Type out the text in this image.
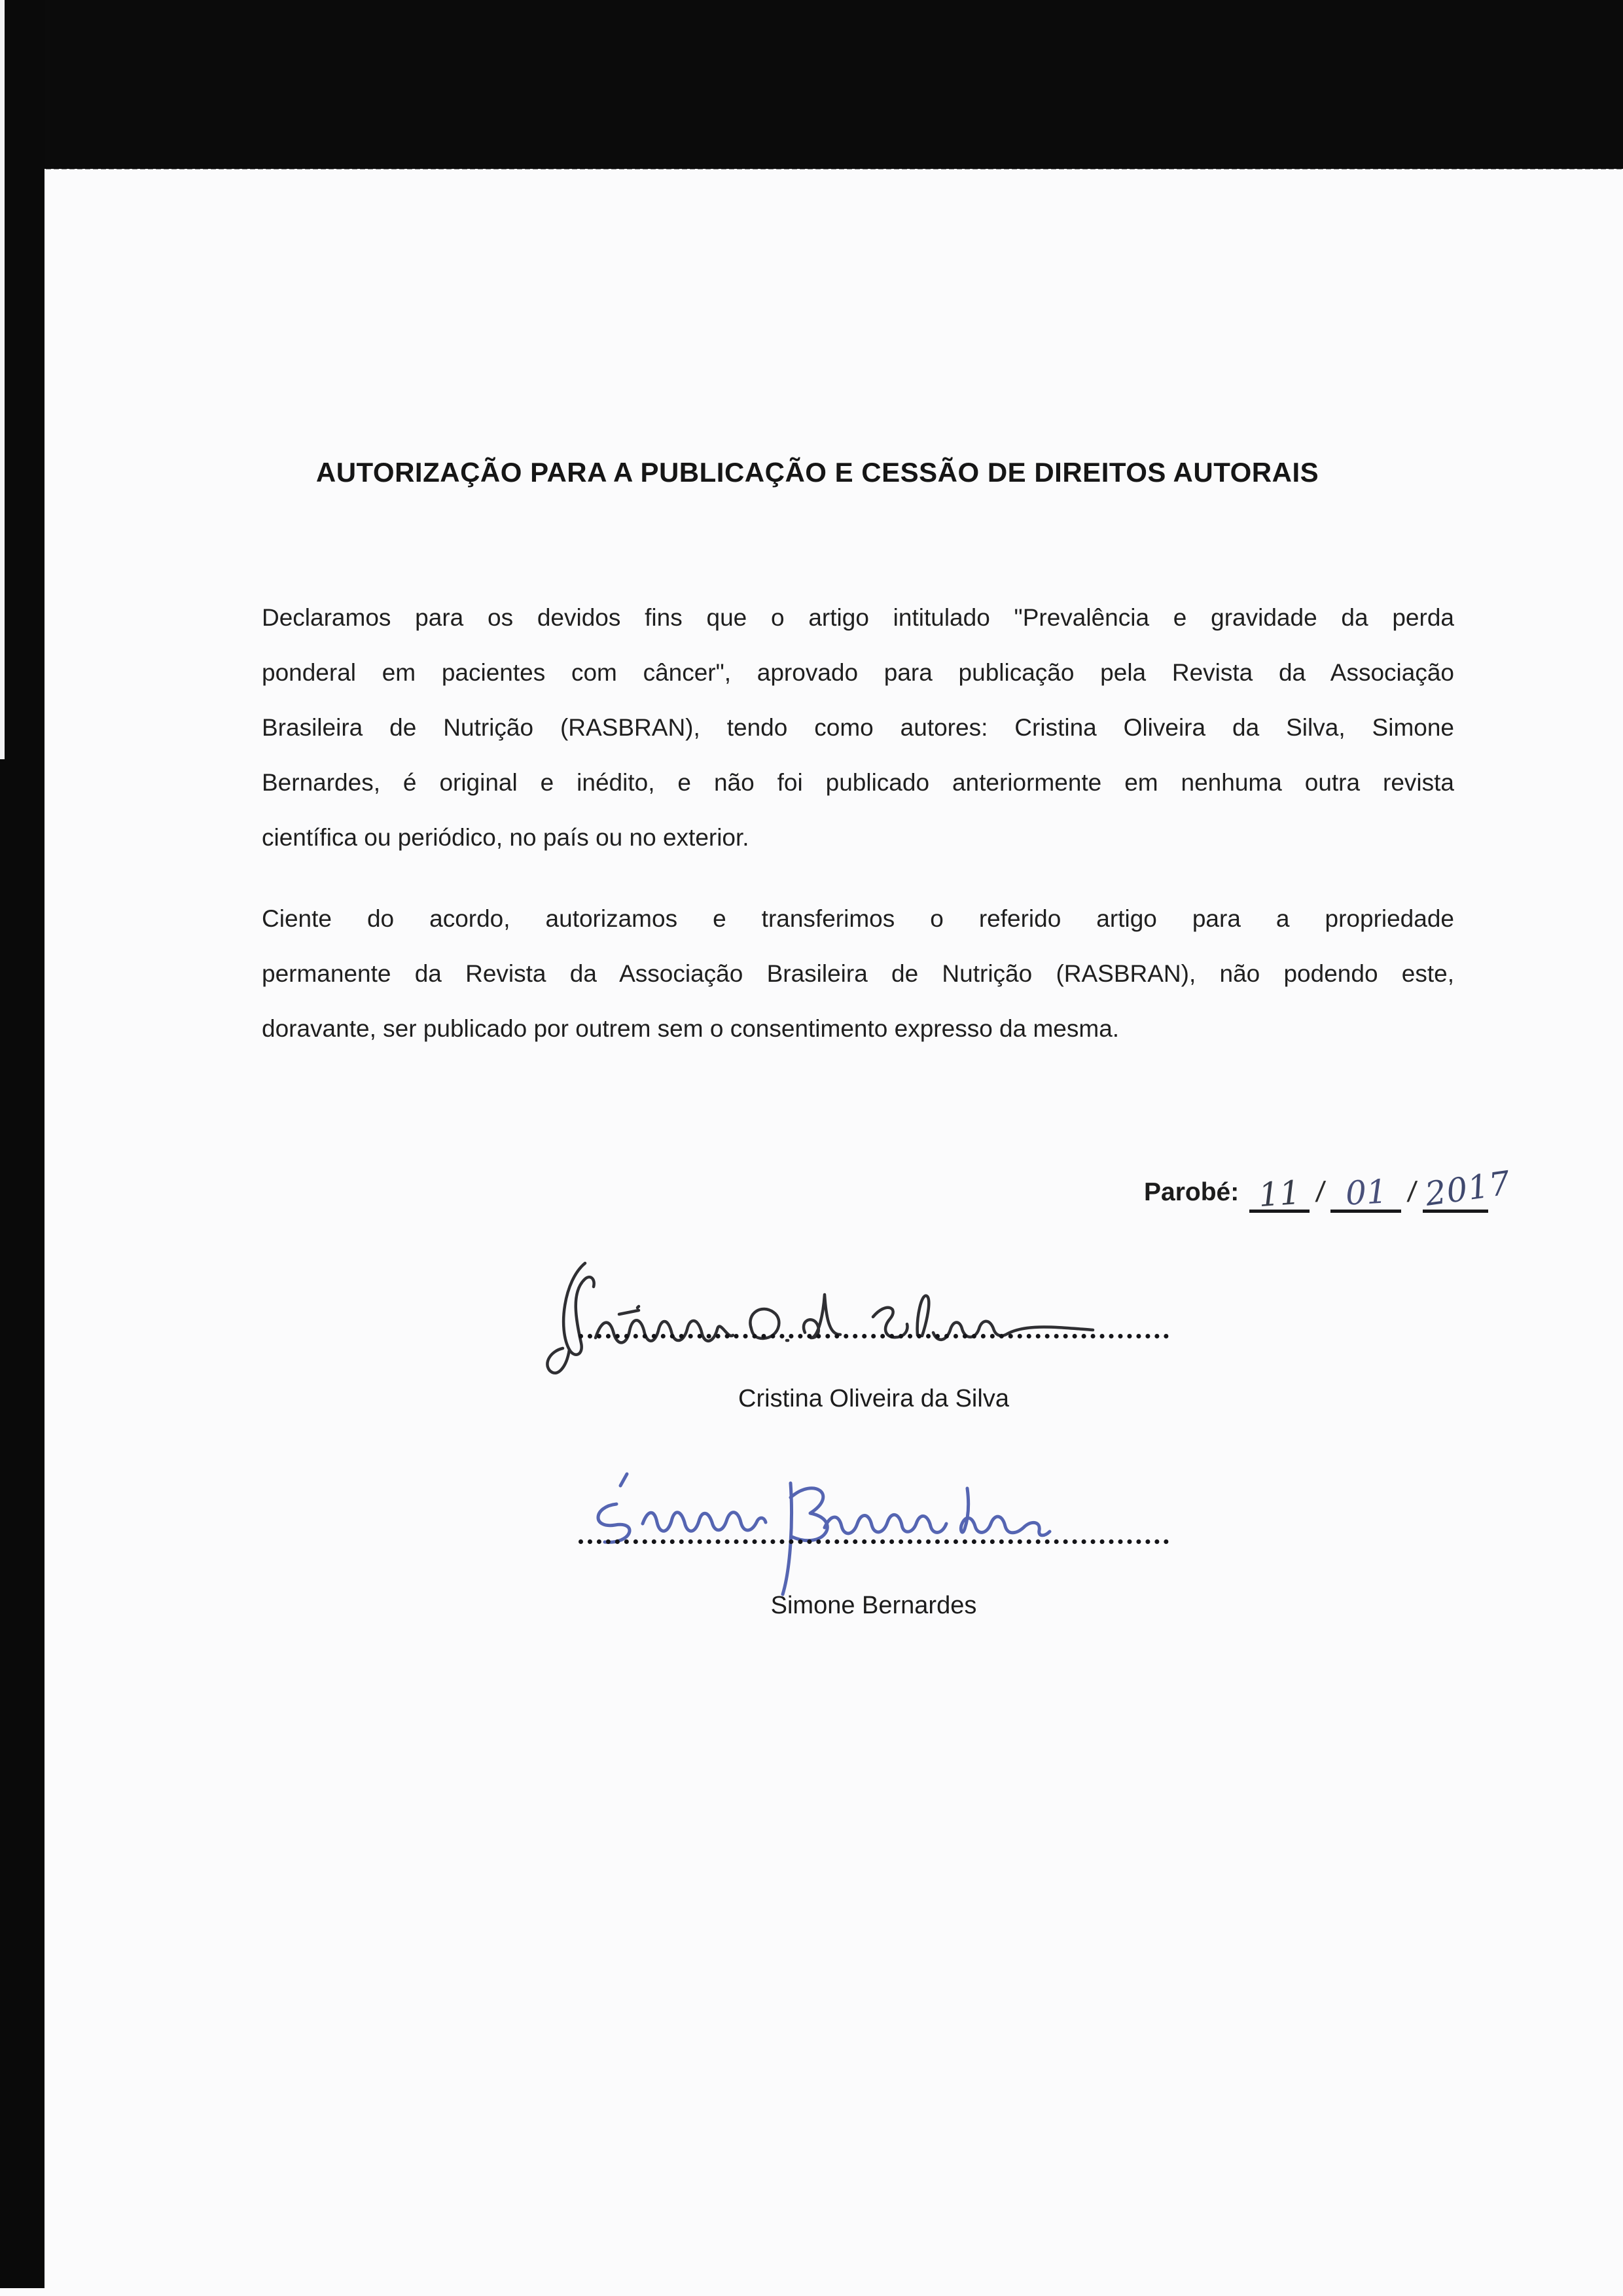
AUTORIZAÇÃO PARA A PUBLICAÇÃO E CESSÃO DE DIREITOS AUTORAIS
Declaramos para os devidos fins que o artigo intitulado "Prevalência e gravidade da perda
ponderal em pacientes com câncer", aprovado para publicação pela Revista da Associação
Brasileira de Nutrição (RASBRAN), tendo como autores: Cristina Oliveira da Silva, Simone
Bernardes, é original e inédito, e não foi publicado anteriormente em nenhuma outra revista
científica ou periódico, no país ou no exterior.
Ciente do acordo, autorizamos e transferimos o referido artigo para a propriedade
permanente da Revista da Associação Brasileira de Nutrição (RASBRAN), não podendo este,
doravante, ser publicado por outrem sem o consentimento expresso da mesma.
Parobé: 11 / 01 / 2017
Cristina Oliveira da Silva
Simone Bernardes
